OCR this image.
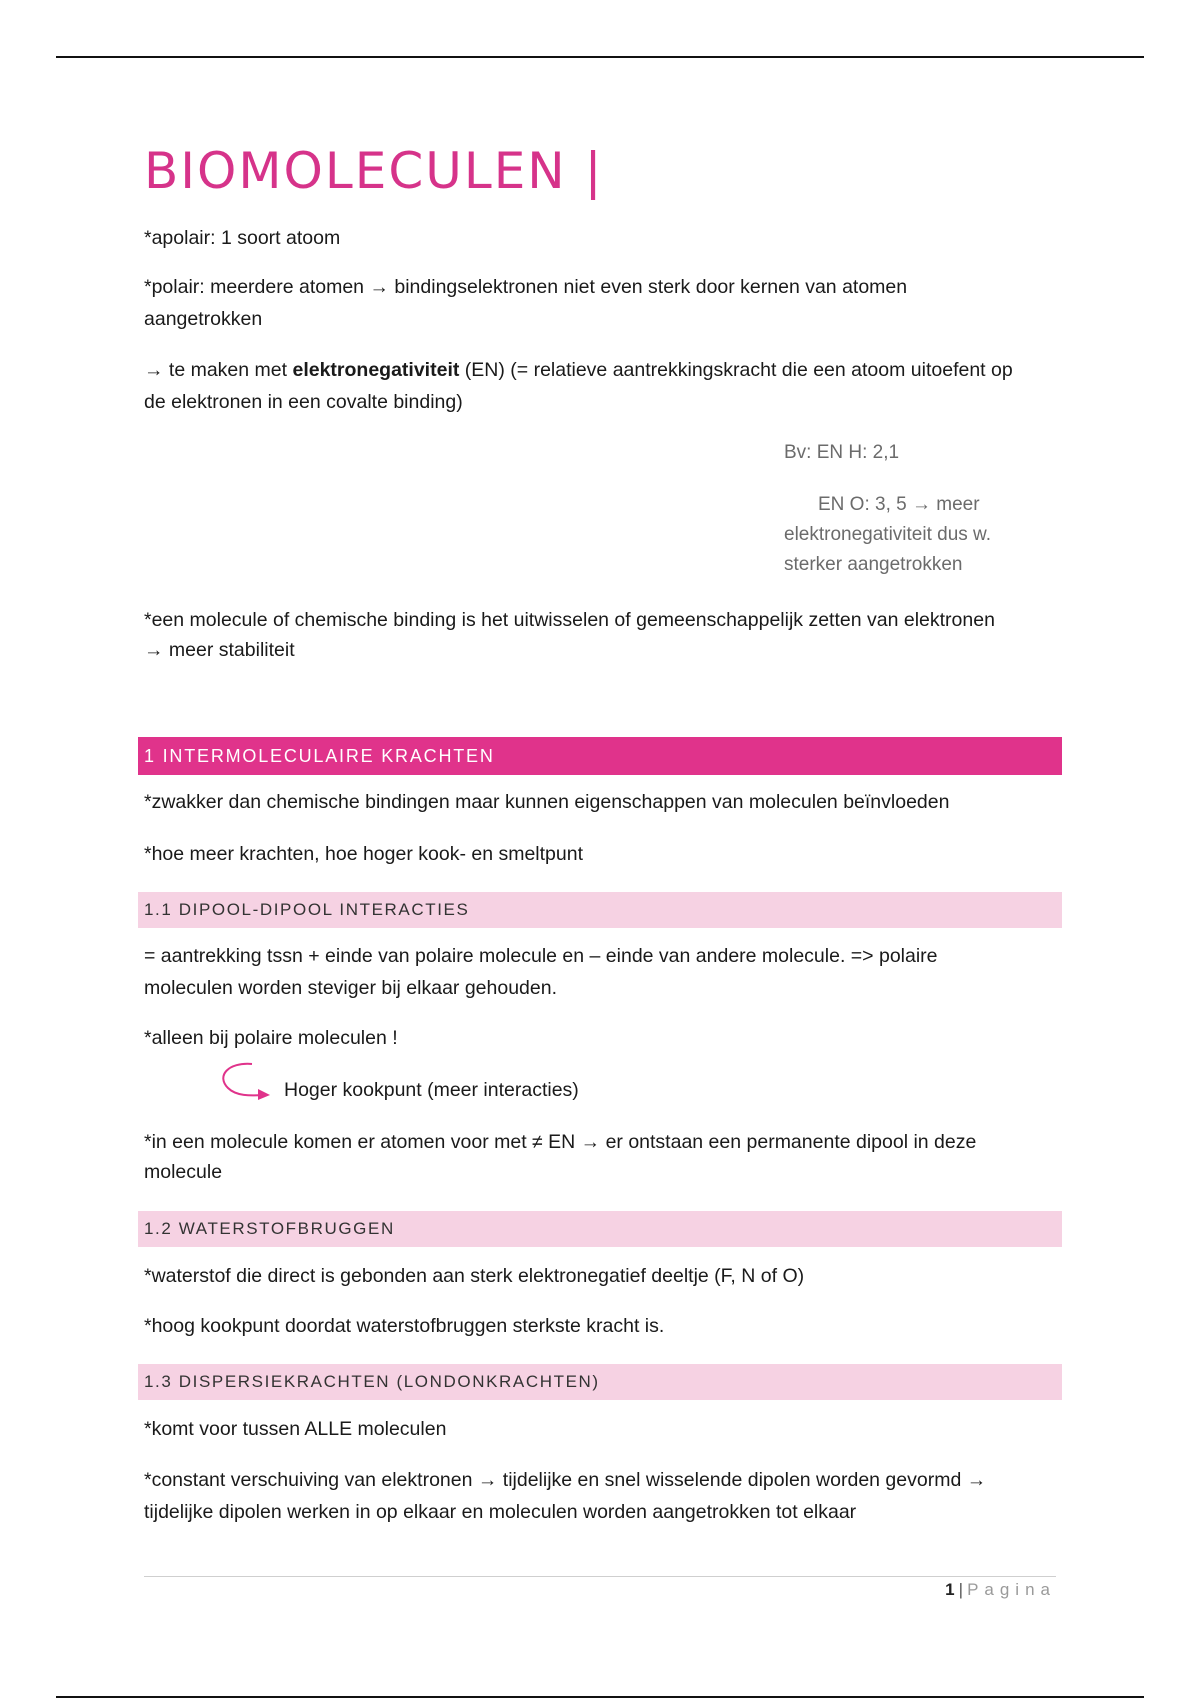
BIOMOLECULEN |
*apolair: 1 soort atoom
*polair: meerdere atomen → bindingselektronen niet even sterk door kernen van atomen
aangetrokken
→ te maken met elektronegativiteit (EN) (= relatieve aantrekkingskracht die een atoom uitoefent op
de elektronen in een covalte binding)
Bv: EN H: 2,1
EN O: 3, 5 → meer elektronegativiteit dus w. sterker aangetrokken
*een molecule of chemische binding is het uitwisselen of gemeenschappelijk zetten van elektronen
→ meer stabiliteit
1 INTERMOLECULAIRE KRACHTEN
*zwakker dan chemische bindingen maar kunnen eigenschappen van moleculen beïnvloeden
*hoe meer krachten, hoe hoger kook- en smeltpunt
1.1 DIPOOL-DIPOOL INTERACTIES
= aantrekking tssn + einde van polaire molecule en – einde van andere molecule. => polaire
moleculen worden steviger bij elkaar gehouden.
*alleen bij polaire moleculen !
Hoger kookpunt (meer interacties)
*in een molecule komen er atomen voor met ≠ EN → er ontstaan een permanente dipool in deze
molecule
1.2 WATERSTOFBRUGGEN
*waterstof die direct is gebonden aan sterk elektronegatief deeltje (F, N of O)
*hoog kookpunt doordat waterstofbruggen sterkste kracht is.
1.3 DISPERSIEKRACHTEN (LONDONKRACHTEN)
*komt voor tussen ALLE moleculen
*constant verschuiving van elektronen → tijdelijke en snel wisselende dipolen worden gevormd →
tijdelijke dipolen werken in op elkaar en moleculen worden aangetrokken tot elkaar
1 | Pagina
